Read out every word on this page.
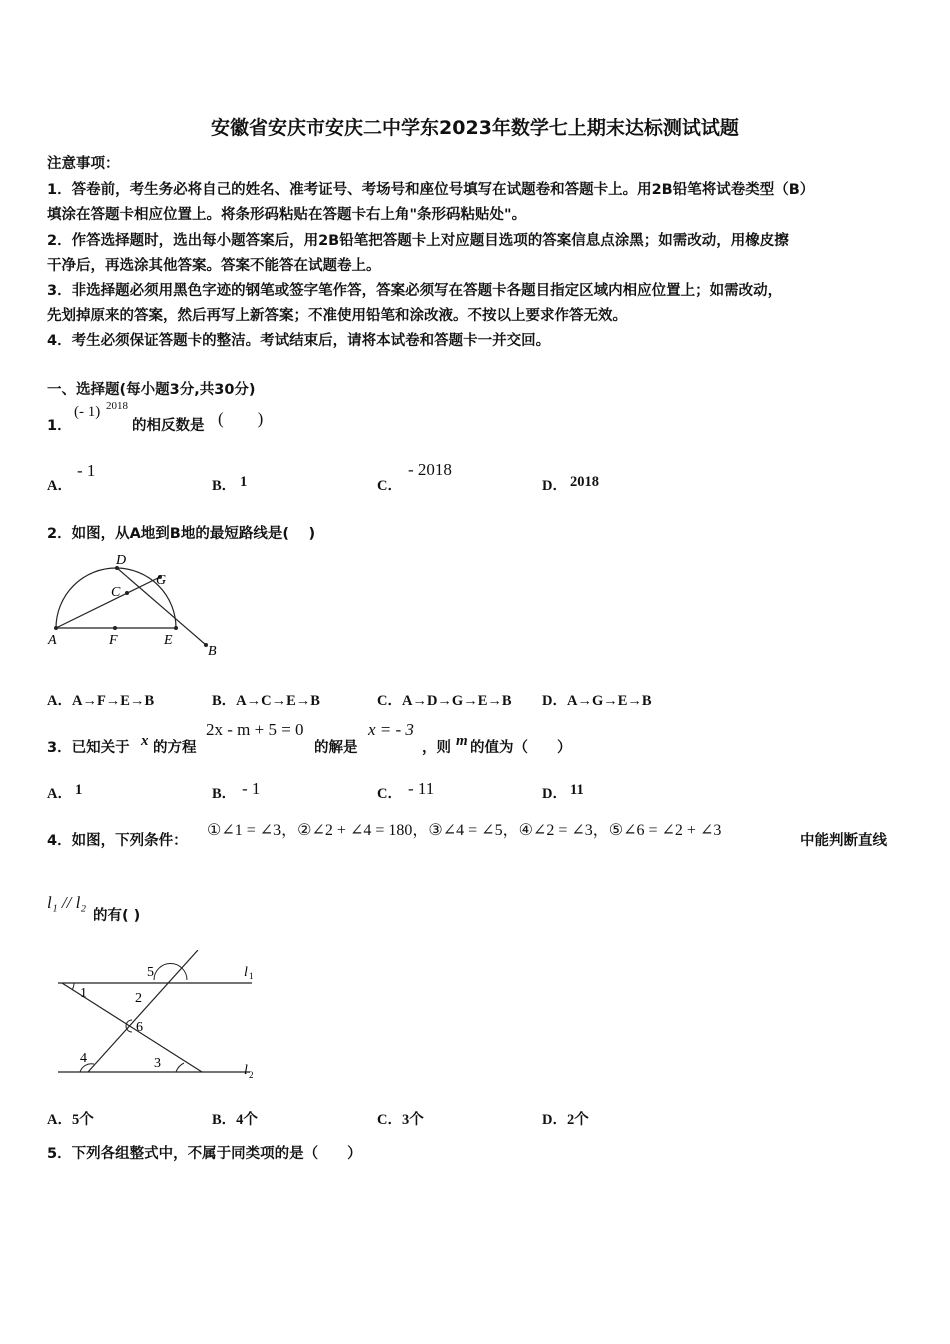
安徽省安庆市安庆二中学东2023年数学七上期末达标测试试题
注意事项：
1．答卷前，考生务必将自己的姓名、准考证号、考场号和座位号填写在试题卷和答题卡上。用2B铅笔将试卷类型（B）
填涂在答题卡相应位置上。将条形码粘贴在答题卡右上角"条形码粘贴处"。
2．作答选择题时，选出每小题答案后，用2B铅笔把答题卡上对应题目选项的答案信息点涂黑；如需改动，用橡皮擦
干净后，再选涂其他答案。答案不能答在试题卷上。
3．非选择题必须用黑色字迹的钢笔或签字笔作答，答案必须写在答题卡各题目指定区域内相应位置上；如需改动，
先划掉原来的答案，然后再写上新答案；不准使用铅笔和涂改液。不按以上要求作答无效。
4．考生必须保证答题卡的整洁。考试结束后，请将本试卷和答题卡一并交回。
一、选择题(每小题3分,共30分)
1．
(- 1) 2018
的相反数是 (　　)
A．
- 1
B． 1	C．
- 2018
D． 2018
2．如图，从A地到B地的最短路线是(　 )
A	F	E
C
D
G
B
A．A→F→E→B	B．A→C→E→B	C．A→D→G→E→B D．A→G→E→B
3．已知关于 x 的方程
2x - m + 5 = 0
的解是
x = - 3
，则 m 的值为（　　）
A． 1	B． - 1	C． - 11	D． 11
4．如图，下列条件：
①∠1 = ∠3，②∠2 + ∠4 = 180，③∠4 = ∠5，④∠2 = ∠3，⑤∠6 = ∠2 + ∠3
中能判断直线
l₁ // l₂
的有( )
1
5
2
6
4	3
l 1
l 2
A．5个	B．4个	C．3个	D．2个
5．下列各组整式中，不属于同类项的是（　　）
